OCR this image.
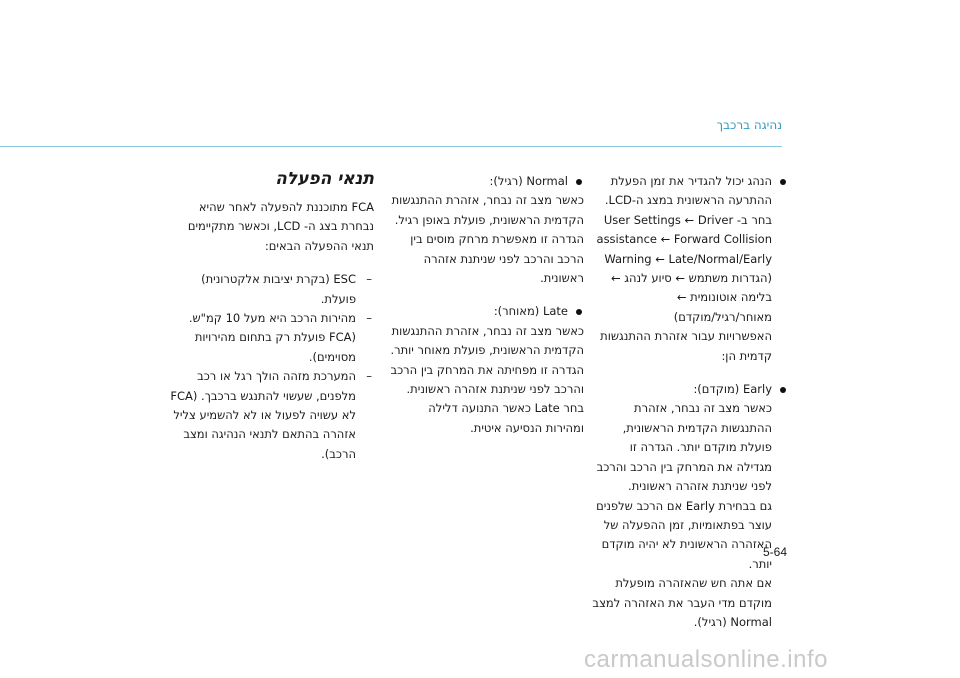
נהיגה ברכבך

הנהג יכול להגדיר את זמן הפעלת ההתרעה הראשונית במצג ה-LCD.

בחר ב- User Settings ← Driver assistance ← Forward Collision Warning ← Late/Normal/Early (הגדרות משתמש ← סיוע לנהג ← בלימה אוטונומית ← מאוחר/רגיל/מוקדם)

האפשרויות עבור אזהרת ההתנגשות קדמית הן:

Early (מוקדם):

כאשר מצב זה נבחר, אזהרת ההתנגשות הקדמית הראשונית, פועלת מוקדם יותר. הגדרה זו מגדילה את המרחק בין הרכב והרכב לפני שניתנת אזהרה ראשונית.

גם בבחירת Early אם הרכב שלפנים עוצר בפתאומיות, זמן ההפעלה של האזהרה הראשונית לא יהיה מוקדם יותר.

אם אתה חש שהאזהרה מופעלת מוקדם מדי העבר את האזהרה למצב Normal (רגיל).

Normal (רגיל):

כאשר מצב זה נבחר, אזהרת ההתנגשות הקדמית הראשונית, פועלת באופן רגיל. הגדרה זו מאפשרת מרחק מוסים בין הרכב והרכב לפני שניתנת אזהרה ראשונית.

Late (מאוחר):

כאשר מצב זה נבחר, אזהרת ההתנגשות הקדמית הראשונית, פועלת מאוחר יותר. הגדרה זו מפחיתה את המרחק בין הרכב והרכב לפני שניתנת אזהרה ראשונית.

בחר Late כאשר התנועה דלילה ומהירות הנסיעה איטית.

תנאי הפעלה

FCA מתוכננת להפעלה לאחר שהיא נבחרת בצג ה- LCD, וכאשר מתקיימים תנאי ההפעלה הבאים:

– ESC (בקרת יציבות אלקטרונית) פועלת.

– מהירות הרכב היא מעל 10 קמ"ש. (FCA פועלת רק בתחום מהירויות מסוימים).

– המערכת מזהה הולך רגל או רכב מלפנים, שעשוי להתנגש ברכבך. (FCA לא עשויה לפעול או לא להשמיע צליל אזהרה בהתאם לתנאי הנהיגה ומצב הרכב).

5-64
carmanualsonline.info
